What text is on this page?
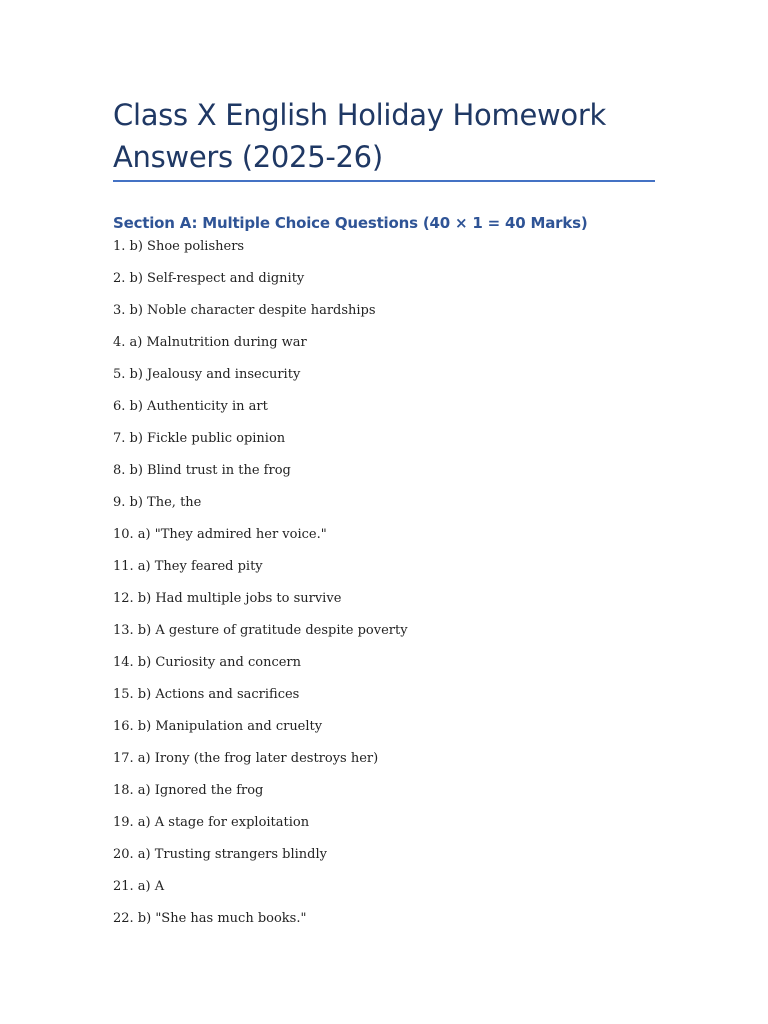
Class X English Holiday Homework Answers (2025-26)
Section A: Multiple Choice Questions (40 × 1 = 40 Marks)
1. b) Shoe polishers
2. b) Self-respect and dignity
3. b) Noble character despite hardships
4. a) Malnutrition during war
5. b) Jealousy and insecurity
6. b) Authenticity in art
7. b) Fickle public opinion
8. b) Blind trust in the frog
9. b) The, the
10. a) "They admired her voice."
11. a) They feared pity
12. b) Had multiple jobs to survive
13. b) A gesture of gratitude despite poverty
14. b) Curiosity and concern
15. b) Actions and sacrifices
16. b) Manipulation and cruelty
17. a) Irony (the frog later destroys her)
18. a) Ignored the frog
19. a) A stage for exploitation
20. a) Trusting strangers blindly
21. a) A
22. b) "She has much books."
